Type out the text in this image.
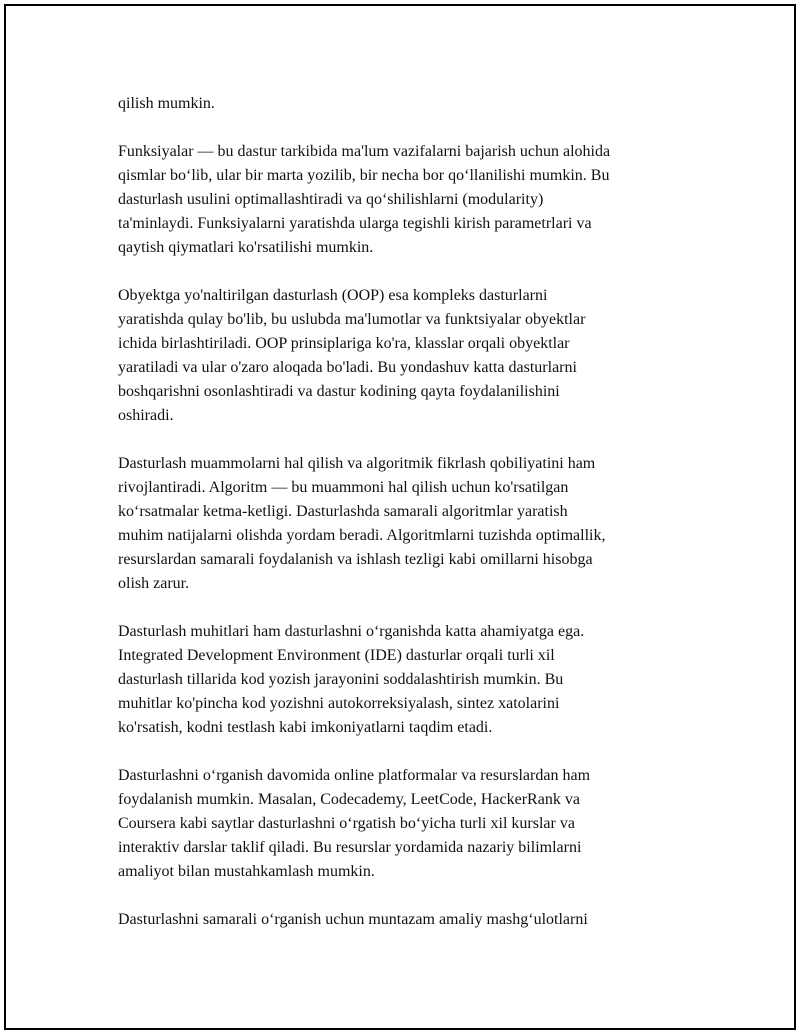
qilish mumkin.
Funksiyalar — bu dastur tarkibida ma'lum vazifalarni bajarish uchun alohida
qismlar bo‘lib, ular bir marta yozilib, bir necha bor qo‘llanilishi mumkin. Bu
dasturlash usulini optimallashtiradi va qo‘shilishlarni (modularity)
ta'minlaydi. Funksiyalarni yaratishda ularga tegishli kirish parametrlari va
qaytish qiymatlari ko'rsatilishi mumkin.
Obyektga yo'naltirilgan dasturlash (OOP) esa kompleks dasturlarni
yaratishda qulay bo'lib, bu uslubda ma'lumotlar va funktsiyalar obyektlar
ichida birlashtiriladi. OOP prinsiplariga ko'ra, klasslar orqali obyektlar
yaratiladi va ular o'zaro aloqada bo'ladi. Bu yondashuv katta dasturlarni
boshqarishni osonlashtiradi va dastur kodining qayta foydalanilishini
oshiradi.
Dasturlash muammolarni hal qilish va algoritmik fikrlash qobiliyatini ham
rivojlantiradi. Algoritm — bu muammoni hal qilish uchun ko'rsatilgan
ko‘rsatmalar ketma-ketligi. Dasturlashda samarali algoritmlar yaratish
muhim natijalarni olishda yordam beradi. Algoritmlarni tuzishda optimallik,
resurslardan samarali foydalanish va ishlash tezligi kabi omillarni hisobga
olish zarur.
Dasturlash muhitlari ham dasturlashni o‘rganishda katta ahamiyatga ega.
Integrated Development Environment (IDE) dasturlar orqali turli xil
dasturlash tillarida kod yozish jarayonini soddalashtirish mumkin. Bu
muhitlar ko'pincha kod yozishni autokorreksiyalash, sintez xatolarini
ko'rsatish, kodni testlash kabi imkoniyatlarni taqdim etadi.
Dasturlashni o‘rganish davomida online platformalar va resurslardan ham
foydalanish mumkin. Masalan, Codecademy, LeetCode, HackerRank va
Coursera kabi saytlar dasturlashni o‘rgatish bo‘yicha turli xil kurslar va
interaktiv darslar taklif qiladi. Bu resurslar yordamida nazariy bilimlarni
amaliyot bilan mustahkamlash mumkin.
Dasturlashni samarali o‘rganish uchun muntazam amaliy mashg‘ulotlarni
